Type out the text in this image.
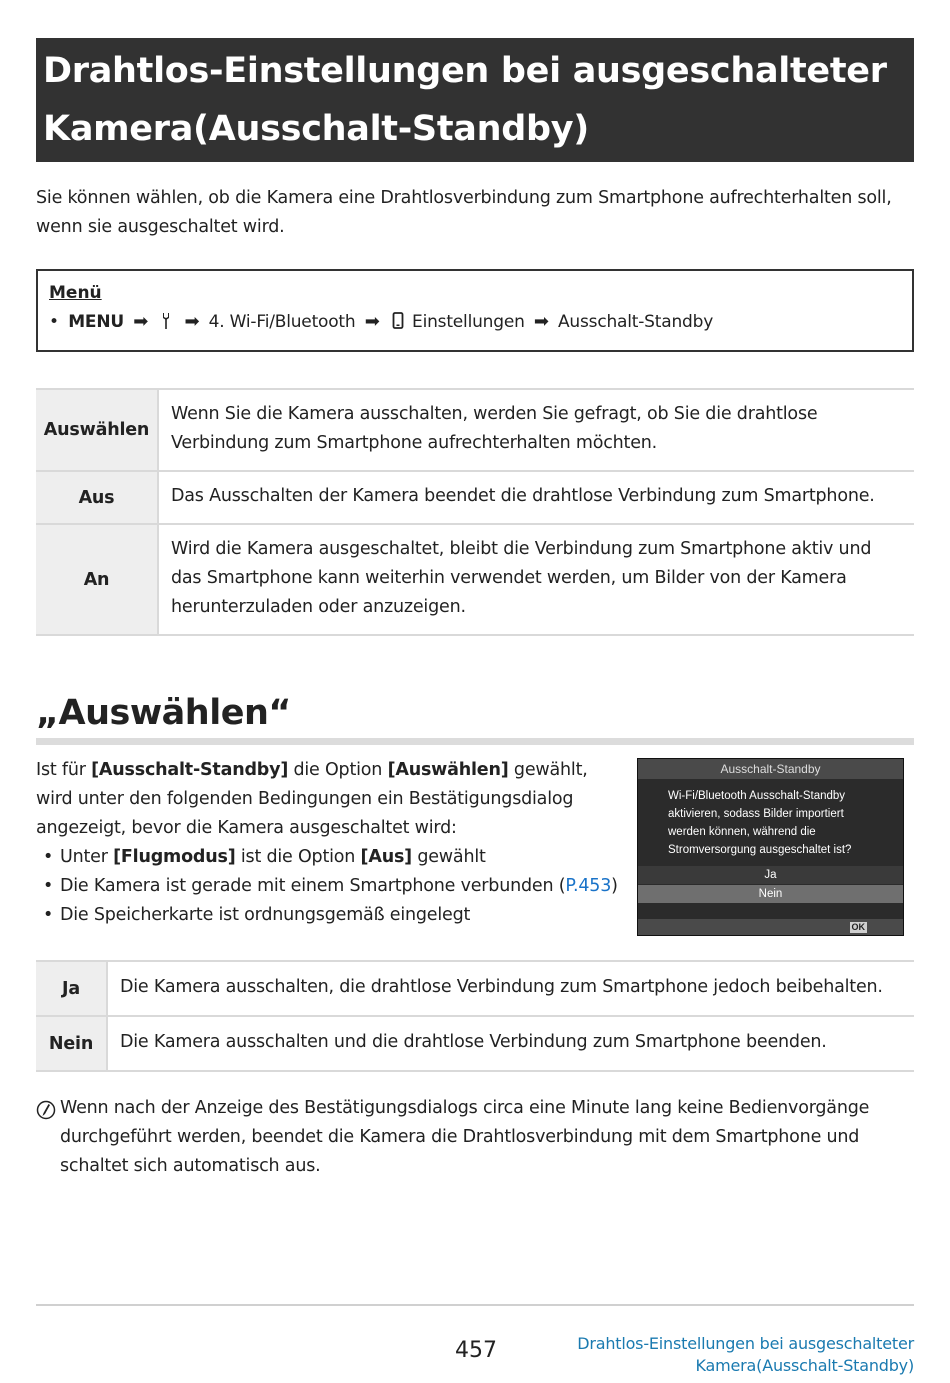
Drahtlos-Einstellungen bei ausgeschalteter
Kamera(Ausschalt-Standby)
Sie können wählen, ob die Kamera eine Drahtlosverbindung zum Smartphone aufrechterhalten soll,
wenn sie ausgeschaltet wird.
Menü
• MENU ➡ ➡ 4. Wi-Fi/Bluetooth ➡ Einstellungen ➡ Ausschalt-Standby
Auswählen	Wenn Sie die Kamera ausschalten, werden Sie gefragt, ob Sie die drahtlose
Verbindung zum Smartphone aufrechterhalten möchten.

Aus	Das Ausschalten der Kamera beendet die drahtlose Verbindung zum Smartphone.

An	Wird die Kamera ausgeschaltet, bleibt die Verbindung zum Smartphone aktiv und
das Smartphone kann weiterhin verwendet werden, um Bilder von der Kamera
herunterzuladen oder anzuzeigen.
„Auswählen“
Ist für [Ausschalt-Standby] die Option [Auswählen] gewählt,
wird unter den folgenden Bedingungen ein Bestätigungsdialog
angezeigt, bevor die Kamera ausgeschaltet wird:
• Unter [Flugmodus] ist die Option [Aus] gewählt
• Die Kamera ist gerade mit einem Smartphone verbunden (P.453)
• Die Speicherkarte ist ordnungsgemäß eingelegt
Ausschalt-Standby
Wi-Fi/Bluetooth Ausschalt-Standby
aktivieren, sodass Bilder importiert
werden können, während die
Stromversorgung ausgeschaltet ist?
Ja
Nein
OK
Ja	Die Kamera ausschalten, die drahtlose Verbindung zum Smartphone jedoch beibehalten.
Nein	Die Kamera ausschalten und die drahtlose Verbindung zum Smartphone beenden.
Wenn nach der Anzeige des Bestätigungsdialogs circa eine Minute lang keine Bedienvorgänge
durchgeführt werden, beendet die Kamera die Drahtlosverbindung mit dem Smartphone und
schaltet sich automatisch aus.
457	Drahtlos-Einstellungen bei ausgeschalteter
Kamera(Ausschalt-Standby)
